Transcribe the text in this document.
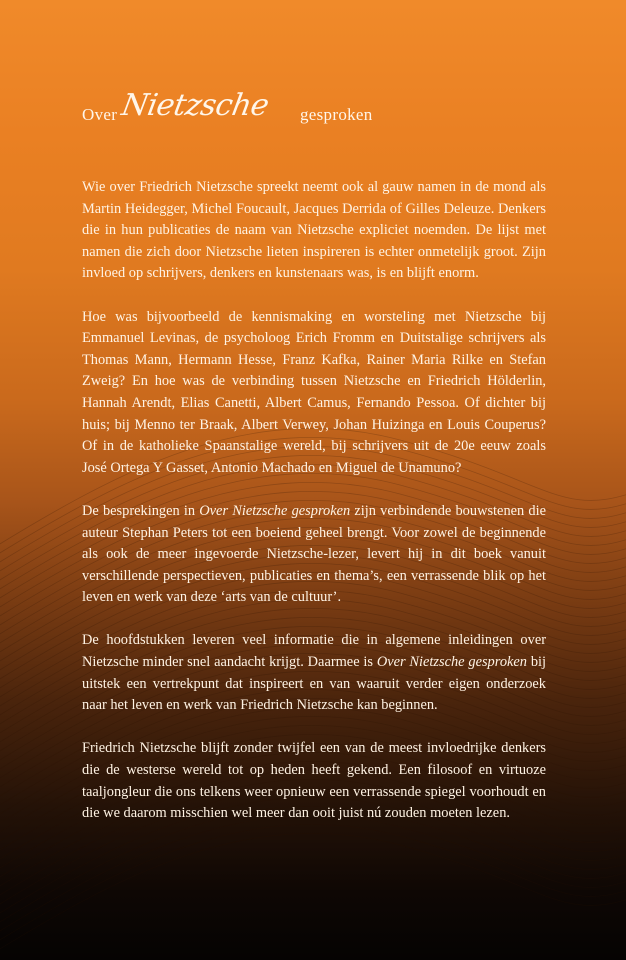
Over Nietzsche gesproken

Wie over Friedrich Nietzsche spreekt neemt ook al gauw namen in de mond als Martin Heidegger, Michel Foucault, Jacques Derrida of Gilles Deleuze. Denkers die in hun publicaties de naam van Nietzsche expliciet noemden. De lijst met namen die zich door Nietzsche lieten inspireren is echter onmetelijk groot. Zijn invloed op schrijvers, denkers en kunstenaars was, is en blijft enorm.

Hoe was bijvoorbeeld de kennismaking en worsteling met Nietzsche bij Emmanuel Levinas, de psycholoog Erich Fromm en Duitstalige schrijvers als Thomas Mann, Hermann Hesse, Franz Kafka, Rainer Maria Rilke en Stefan Zweig? En hoe was de verbinding tussen Nietzsche en Friedrich Hölderlin, Hannah Arendt, Elias Canetti, Albert Camus, Fernando Pessoa. Of dichter bij huis; bij Menno ter Braak, Albert Verwey, Johan Huizinga en Louis Couperus? Of in de katholieke Spaanstalige wereld, bij schrijvers uit de 20e eeuw zoals José Ortega Y Gasset, Antonio Machado en Miguel de Unamuno?

De besprekingen in Over Nietzsche gesproken zijn verbindende bouwstenen die auteur Stephan Peters tot een boeiend geheel brengt. Voor zowel de beginnende als ook de meer ingevoerde Nietzsche-lezer, levert hij in dit boek vanuit verschillende perspectieven, publicaties en thema’s, een verrassende blik op het leven en werk van deze ‘arts van de cultuur’.

De hoofdstukken leveren veel informatie die in algemene inleidingen over Nietzsche minder snel aandacht krijgt. Daarmee is Over Nietzsche gesproken bij uitstek een vertrekpunt dat inspireert en van waaruit verder eigen onderzoek naar het leven en werk van Friedrich Nietzsche kan beginnen.

Friedrich Nietzsche blijft zonder twijfel een van de meest invloedrijke denkers die de westerse wereld tot op heden heeft gekend. Een filosoof en virtuoze taaljongleur die ons telkens weer opnieuw een verrassende spiegel voorhoudt en die we daarom misschien wel meer dan ooit juist nú zouden moeten lezen.
